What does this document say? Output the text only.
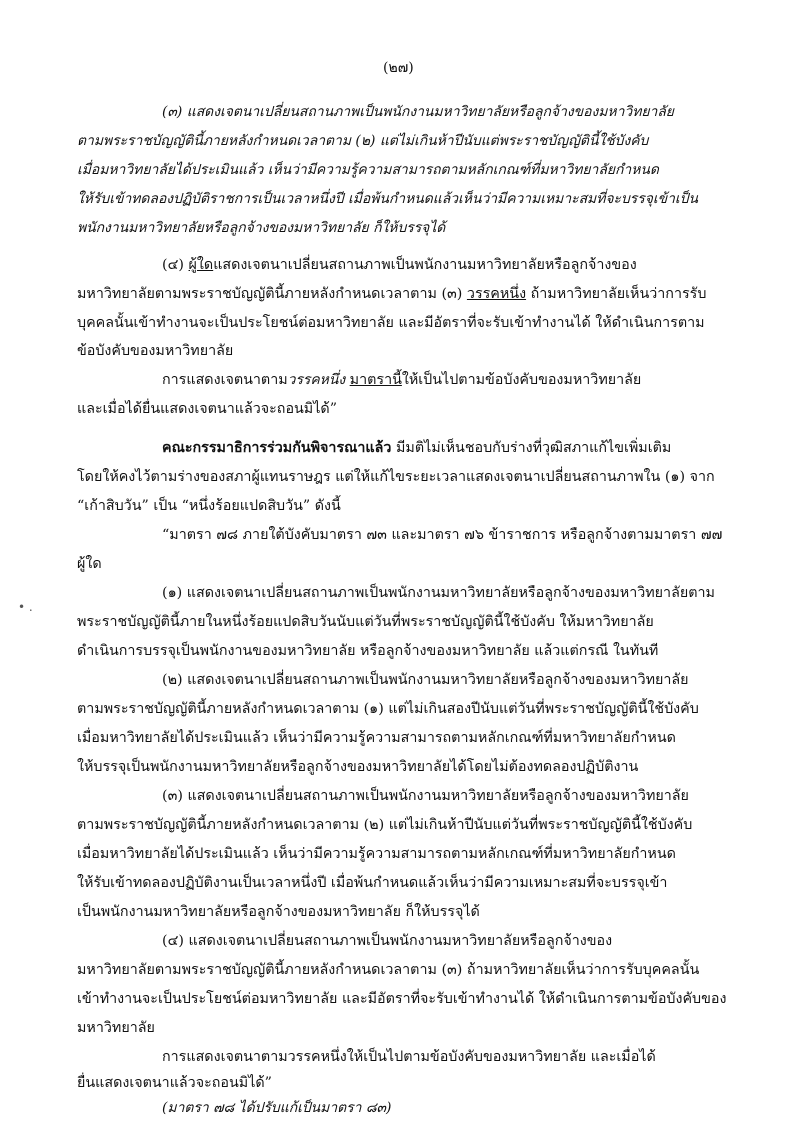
(๒๗)
• .
(๓) แสดงเจตนาเปลี่ยนสถานภาพเป็นพนักงานมหาวิทยาลัยหรือลูกจ้างของมหาวิทยาลัย
ตามพระราชบัญญัตินี้ภายหลังกำหนดเวลาตาม (๒) แต่ไม่เกินห้าปีนับแต่พระราชบัญญัตินี้ใช้บังคับ
เมื่อมหาวิทยาลัยได้ประเมินแล้ว เห็นว่ามีความรู้ความสามารถตามหลักเกณฑ์ที่มหาวิทยาลัยกำหนด
ให้รับเข้าทดลองปฏิบัติราชการเป็นเวลาหนึ่งปี เมื่อพ้นกำหนดแล้วเห็นว่ามีความเหมาะสมที่จะบรรจุเข้าเป็น
พนักงานมหาวิทยาลัยหรือลูกจ้างของมหาวิทยาลัย ก็ให้บรรจุได้
(๔) ผู้ใดแสดงเจตนาเปลี่ยนสถานภาพเป็นพนักงานมหาวิทยาลัยหรือลูกจ้างของ
มหาวิทยาลัยตามพระราชบัญญัตินี้ภายหลังกำหนดเวลาตาม (๓) วรรคหนึ่ง ถ้ามหาวิทยาลัยเห็นว่าการรับ
บุคคลนั้นเข้าทำงานจะเป็นประโยชน์ต่อมหาวิทยาลัย และมีอัตราที่จะรับเข้าทำงานได้ ให้ดำเนินการตาม
ข้อบังคับของมหาวิทยาลัย
การแสดงเจตนาตามวรรคหนึ่ง มาตรานี้ให้เป็นไปตามข้อบังคับของมหาวิทยาลัย
และเมื่อได้ยื่นแสดงเจตนาแล้วจะถอนมิได้”
คณะกรรมาธิการร่วมกันพิจารณาแล้ว มีมติไม่เห็นชอบกับร่างที่วุฒิสภาแก้ไขเพิ่มเติม
โดยให้คงไว้ตามร่างของสภาผู้แทนราษฎร แต่ให้แก้ไขระยะเวลาแสดงเจตนาเปลี่ยนสถานภาพใน (๑) จาก
“เก้าสิบวัน” เป็น “หนึ่งร้อยแปดสิบวัน” ดังนี้
“มาตรา ๗๘ ภายใต้บังคับมาตรา ๗๓ และมาตรา ๗๖ ข้าราชการ หรือลูกจ้างตามมาตรา ๗๗
ผู้ใด
(๑) แสดงเจตนาเปลี่ยนสถานภาพเป็นพนักงานมหาวิทยาลัยหรือลูกจ้างของมหาวิทยาลัยตาม
พระราชบัญญัตินี้ภายในหนึ่งร้อยแปดสิบวันนับแต่วันที่พระราชบัญญัตินี้ใช้บังคับ ให้มหาวิทยาลัย
ดำเนินการบรรจุเป็นพนักงานของมหาวิทยาลัย หรือลูกจ้างของมหาวิทยาลัย แล้วแต่กรณี ในทันที
(๒) แสดงเจตนาเปลี่ยนสถานภาพเป็นพนักงานมหาวิทยาลัยหรือลูกจ้างของมหาวิทยาลัย
ตามพระราชบัญญัตินี้ภายหลังกำหนดเวลาตาม (๑) แต่ไม่เกินสองปีนับแต่วันที่พระราชบัญญัตินี้ใช้บังคับ
เมื่อมหาวิทยาลัยได้ประเมินแล้ว เห็นว่ามีความรู้ความสามารถตามหลักเกณฑ์ที่มหาวิทยาลัยกำหนด
ให้บรรจุเป็นพนักงานมหาวิทยาลัยหรือลูกจ้างของมหาวิทยาลัยได้โดยไม่ต้องทดลองปฏิบัติงาน
(๓) แสดงเจตนาเปลี่ยนสถานภาพเป็นพนักงานมหาวิทยาลัยหรือลูกจ้างของมหาวิทยาลัย
ตามพระราชบัญญัตินี้ภายหลังกำหนดเวลาตาม (๒) แต่ไม่เกินห้าปีนับแต่วันที่พระราชบัญญัตินี้ใช้บังคับ
เมื่อมหาวิทยาลัยได้ประเมินแล้ว เห็นว่ามีความรู้ความสามารถตามหลักเกณฑ์ที่มหาวิทยาลัยกำหนด
ให้รับเข้าทดลองปฏิบัติงานเป็นเวลาหนึ่งปี เมื่อพ้นกำหนดแล้วเห็นว่ามีความเหมาะสมที่จะบรรจุเข้า
เป็นพนักงานมหาวิทยาลัยหรือลูกจ้างของมหาวิทยาลัย ก็ให้บรรจุได้
(๔) แสดงเจตนาเปลี่ยนสถานภาพเป็นพนักงานมหาวิทยาลัยหรือลูกจ้างของ
มหาวิทยาลัยตามพระราชบัญญัตินี้ภายหลังกำหนดเวลาตาม (๓) ถ้ามหาวิทยาลัยเห็นว่าการรับบุคคลนั้น
เข้าทำงานจะเป็นประโยชน์ต่อมหาวิทยาลัย และมีอัตราที่จะรับเข้าทำงานได้ ให้ดำเนินการตามข้อบังคับของ
มหาวิทยาลัย
การแสดงเจตนาตามวรรคหนึ่งให้เป็นไปตามข้อบังคับของมหาวิทยาลัย และเมื่อได้
ยื่นแสดงเจตนาแล้วจะถอนมิได้”
(มาตรา ๗๘ ได้ปรับแก้เป็นมาตรา ๘๓)
